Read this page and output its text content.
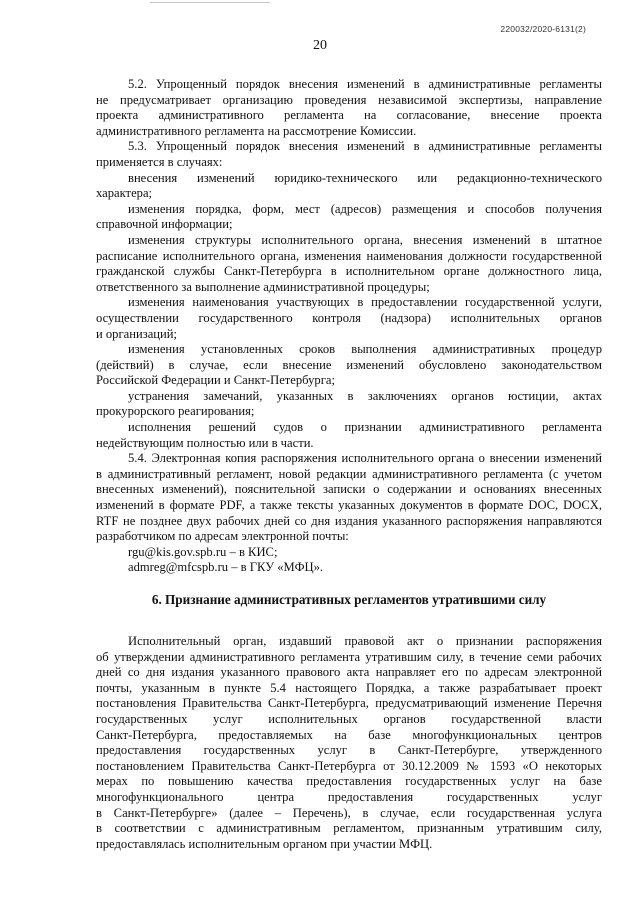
220032/2020-6131(2)
20
5.2. Упрощенный порядок внесения изменений в административные регламенты
не предусматривает организацию проведения независимой экспертизы, направление
проекта административного регламента на согласование, внесение проекта
административного регламента на рассмотрение Комиссии.
5.3. Упрощенный порядок внесения изменений в административные регламенты
применяется в случаях:
внесения изменений юридико-технического или редакционно-технического
характера;
изменения порядка, форм, мест (адресов) размещения и способов получения
справочной информации;
изменения структуры исполнительного органа, внесения изменений в штатное
расписание исполнительного органа, изменения наименования должности государственной
гражданской службы Санкт-Петербурга в исполнительном органе должностного лица,
ответственного за выполнение административной процедуры;
изменения наименования участвующих в предоставлении государственной услуги,
осуществлении государственного контроля (надзора) исполнительных органов
и организаций;
изменения установленных сроков выполнения административных процедур
(действий) в случае, если внесение изменений обусловлено законодательством
Российской Федерации и Санкт-Петербурга;
устранения замечаний, указанных в заключениях органов юстиции, актах
прокурорского реагирования;
исполнения решений судов о признании административного регламента
недействующим полностью или в части.
5.4. Электронная копия распоряжения исполнительного органа о внесении изменений
в административный регламент, новой редакции административного регламента (с учетом
внесенных изменений), пояснительной записки о содержании и основаниях внесенных
изменений в формате PDF, а также тексты указанных документов в формате DOC, DOCX,
RTF не позднее двух рабочих дней со дня издания указанного распоряжения направляются
разработчиком по адресам электронной почты:
rgu@kis.gov.spb.ru – в КИС;
admreg@mfcspb.ru – в ГКУ «МФЦ».
6. Признание административных регламентов утратившими силу
Исполнительный орган, издавший правовой акт о признании распоряжения
об утверждении административного регламента утратившим силу, в течение семи рабочих
дней со дня издания указанного правового акта направляет его по адресам электронной
почты, указанным в пункте 5.4 настоящего Порядка, а также разрабатывает проект
постановления Правительства Санкт-Петербурга, предусматривающий изменение Перечня
государственных услуг исполнительных органов государственной власти
Санкт-Петербурга, предоставляемых на базе многофункциональных центров
предоставления государственных услуг в Санкт-Петербурге, утвержденного
постановлением Правительства Санкт-Петербурга от 30.12.2009 № 1593 «О некоторых
мерах по повышению качества предоставления государственных услуг на базе
многофункционального центра предоставления государственных услуг
в Санкт-Петербурге» (далее – Перечень), в случае, если государственная услуга
в соответствии с административным регламентом, признанным утратившим силу,
предоставлялась исполнительным органом при участии МФЦ.
